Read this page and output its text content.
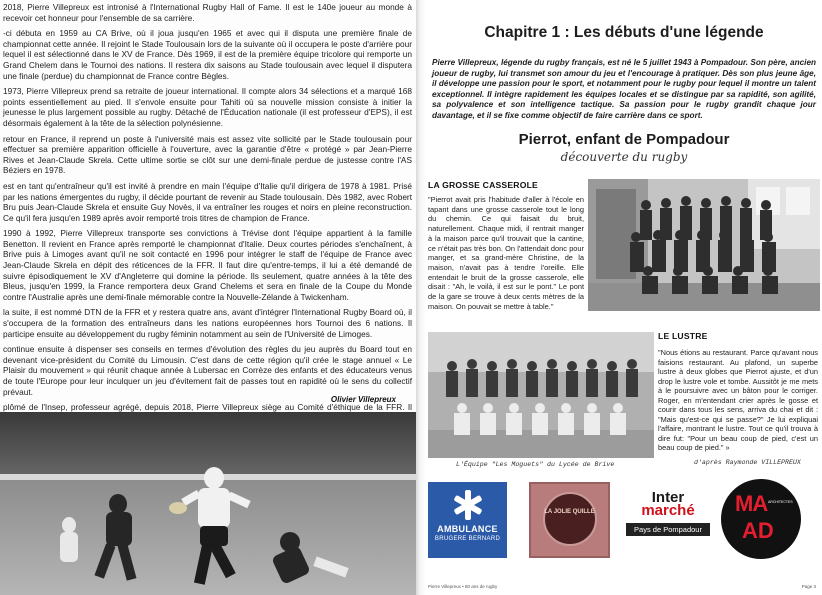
2018, Pierre Villepreux est intronisé à l'International Rugby Hall of Fame. Il est le 140e joueur au monde à recevoir cet honneur pour l'ensemble de sa carrière.

-ci débuta en 1959 au CA Brive, où il joua jusqu'en 1965 et avec qui il disputa une première finale de championnat cette année. Il rejoint le Stade Toulousain lors de la suivante où il occupera le poste d'arrière pour lequel il est sélectionné dans le XV de France. Dès 1969, il est de la première équipe tricolore qui remporte un Grand Chelem dans le Tournoi des nations. Il restera dix saisons au Stade toulousain avec lequel il disputera une finale (perdue) du championnat de France contre Bègles.

1973, Pierre Villepreux prend sa retraite de joueur international. Il compte alors 34 sélections et a marqué 168 points essentiellement au pied. Il s'envole ensuite pour Tahiti où sa nouvelle mission consiste à initier la jeunesse le plus largement possible au rugby. Détaché de l'Éducation nationale (il est professeur d'EPS), il est désormais également à la tête de la sélection polynésienne.

retour en France, il reprend un poste à l'université mais est assez vite sollicité par le Stade toulousain pour effectuer sa première apparition officielle à l'ouverture, avec la garantie d'être « protégé » par Jean-Pierre Rives et Jean-Claude Skrela. Cette ultime sortie se clôt sur une demi-finale perdue de justesse contre l'AS Béziers en 1978.

est en tant qu'entraîneur qu'il est invité à prendre en main l'équipe d'Italie qu'il dirigera de 1978 à 1981. Prisé par les nations émergentes du rugby, il décide pourtant de revenir au Stade toulousain. Dès 1982, avec Robert Bru puis Jean-Claude Skrela et ensuite Guy Novès, il va entraîner les rouges et noirs en pleine reconstruction. Ce qu'il fera jusqu'en 1989 après avoir remporté trois titres de champion de France.

1990 à 1992, Pierre Villepreux transporte ses convictions à Trévise dont l'équipe appartient à la famille Benetton. Il revient en France après remporté le championnat d'Italie. Deux courtes périodes s'enchaînent, à Brive puis à Limoges avant qu'il ne soit contacté en 1996 pour intégrer le staff de l'équipe de France avec Jean-Claude Skrela en dépit des réticences de la FFR. Il faut dire qu'entre-temps, il lui a été demandé de suivre épisodiquement le XV d'Angleterre qui domine la période. Ils seulement, quatre années à la tête des Bleus, jusqu'en 1999, la France remportera deux Grand Chelems et sera en finale de la Coupe du Monde contre l'Australie après une demi-finale mémorable contre la Nouvelle-Zélande à Twickenham.

la suite, il est nommé DTN de la FFR et y restera quatre ans, avant d'intégrer l'International Rugby Board où, il s'occupera de la formation des entraîneurs dans les nations européennes hors Tournoi des 6 nations. Il participe ensuite au développement du rugby féminin notamment au sein de l'Université de Limoges.

continue ensuite à dispenser ses conseils en termes d'évolution des règles du jeu auprès du Board tout en devenant vice-président du Comité du Limousin. C'est dans de cette région qu'il crée le stage annuel « Le Plaisir du mouvement » qui réunit chaque année à Lubersac en Corrèze des enfants et des éducateurs venus de toute l'Europe pour leur inculquer un jeu d'évitement fait de passes tout en rapidité où le sens du collectif prévaut.

plômé de l'Insep, professeur agrégé, depuis 2018, Pierre Villepreux siège au Comité d'éthique de la FFR. Il

Olivier Villepreux
Chapitre 1 : Les débuts d'une légende
Pierre Villepreux, légende du rugby français, est né le 5 juillet 1943 à Pompadour. Son père, ancien joueur de rugby, lui transmet son amour du jeu et l'encourage à pratiquer. Dès son plus jeune âge, il développe une passion pour le sport, et notamment pour le rugby pour lequel il montre un talent exceptionnel. Il intègre rapidement les équipes locales et se distingue par sa rapidité, son agilité, sa polyvalence et son intelligence tactique. Sa passion pour le rugby grandit chaque jour davantage, et il se fixe comme objectif de faire carrière dans ce sport.
Pierrot, enfant de Pompadour
découverte du rugby
LA GROSSE CASSEROLE
"Pierrot avait pris l'habitude d'aller à l'école en tapant dans une grosse casserole tout le long du chemin. Ce qui faisait du bruit, naturellement. Chaque midi, il rentrait manger à la maison parce qu'il trouvait que la cantine, ce n'était pas très bon. On l'attendait donc pour manger, et sa grand-mère Christine, de la maison, n'avait pas à tendre l'oreille. Elle entendait le bruit de la grosse casserole, elle disait : "Ah, le voilà, il est sur le pont." Le pont de la gare se trouve à deux cents mètres de la maison. On pouvait se mettre à table."
LE LUSTRE
"Nous étions au restaurant. Parce qu'avant nous faisions restaurant. Au plafond, un superbe lustre à deux globes que Pierrot ajuste, et d'un drop le lustre vole et tombe. Aussitôt je me mets à le poursuivre avec un bâton pour le corriger. Roger, en m'entendant crier après le gosse et courir dans tous les sens, arriva du chai et dit : "Mais qu'est-ce qui se passe?" Je lui expliquai l'affaire, montrant le lustre. Tout ce qu'il trouva à dire fut: "Pour un beau coup de pied, c'est un beau coup de pied." »
L'Équipe "Les Moguets" du Lycée de Brive	d'après Raymonde VILLEPREUX
AMBULANCE
BRUGERE BERNARD
LA JOLIE QUILLE
Inter
marché
Pays de Pompadour
MA ARCHITECTES
AD
Pierre Villepreux • 80 ans de rugby	Page 3
